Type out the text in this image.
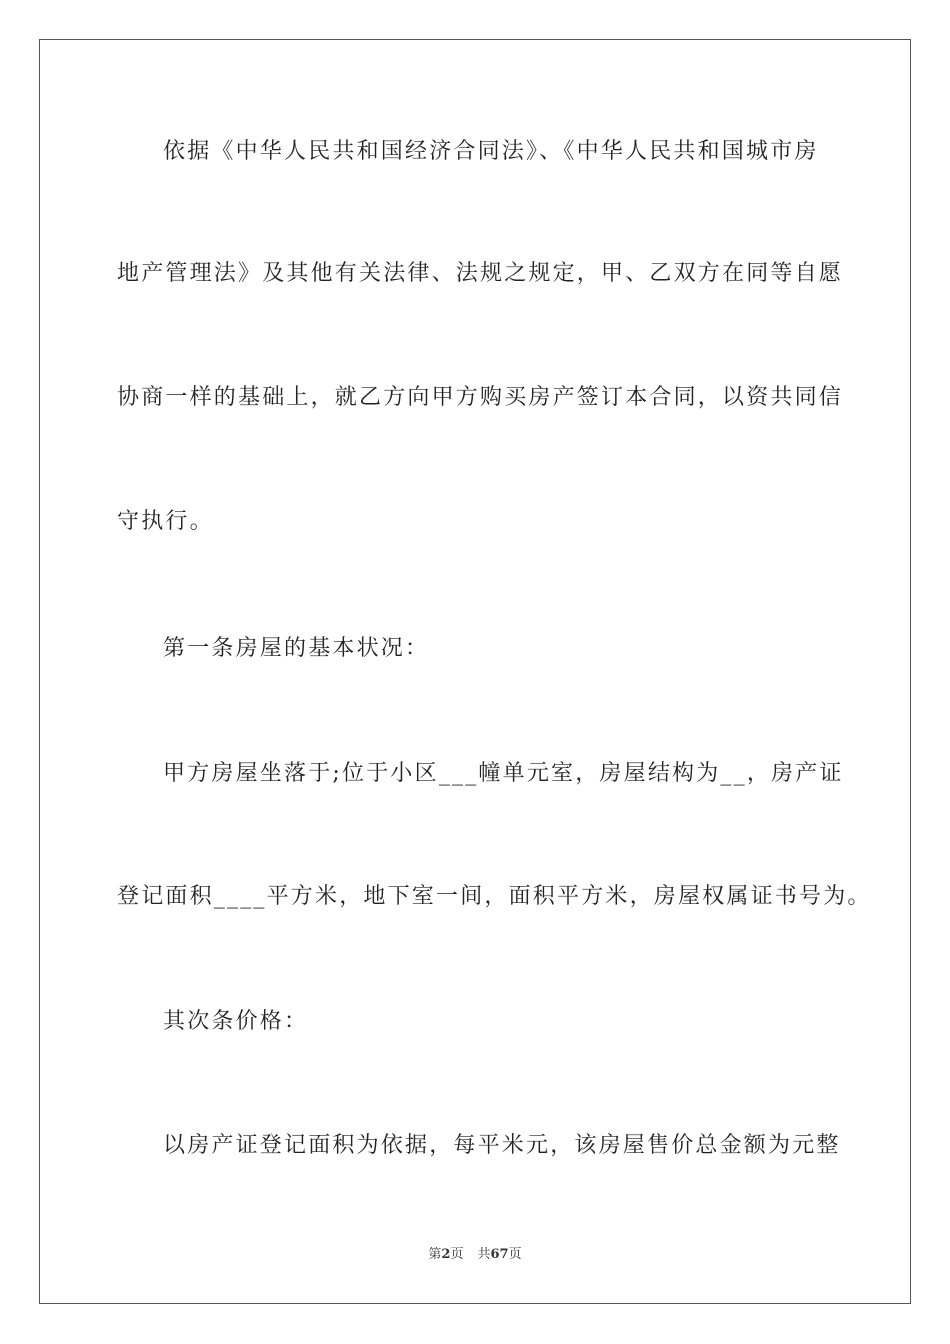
依据《中华人民共和国经济合同法》、《中华人民共和国城市房
地产管理法》及其他有关法律、法规之规定，甲、乙双方在同等自愿
协商一样的基础上，就乙方向甲方购买房产签订本合同，以资共同信
守执行。
第一条房屋的基本状况：
甲方房屋坐落于;位于小区___幢单元室，房屋结构为__，房产证
登记面积____平方米，地下室一间，面积平方米，房屋权属证书号为。
其次条价格：
以房产证登记面积为依据，每平米元，该房屋售价总金额为元整
第2页 共67页
